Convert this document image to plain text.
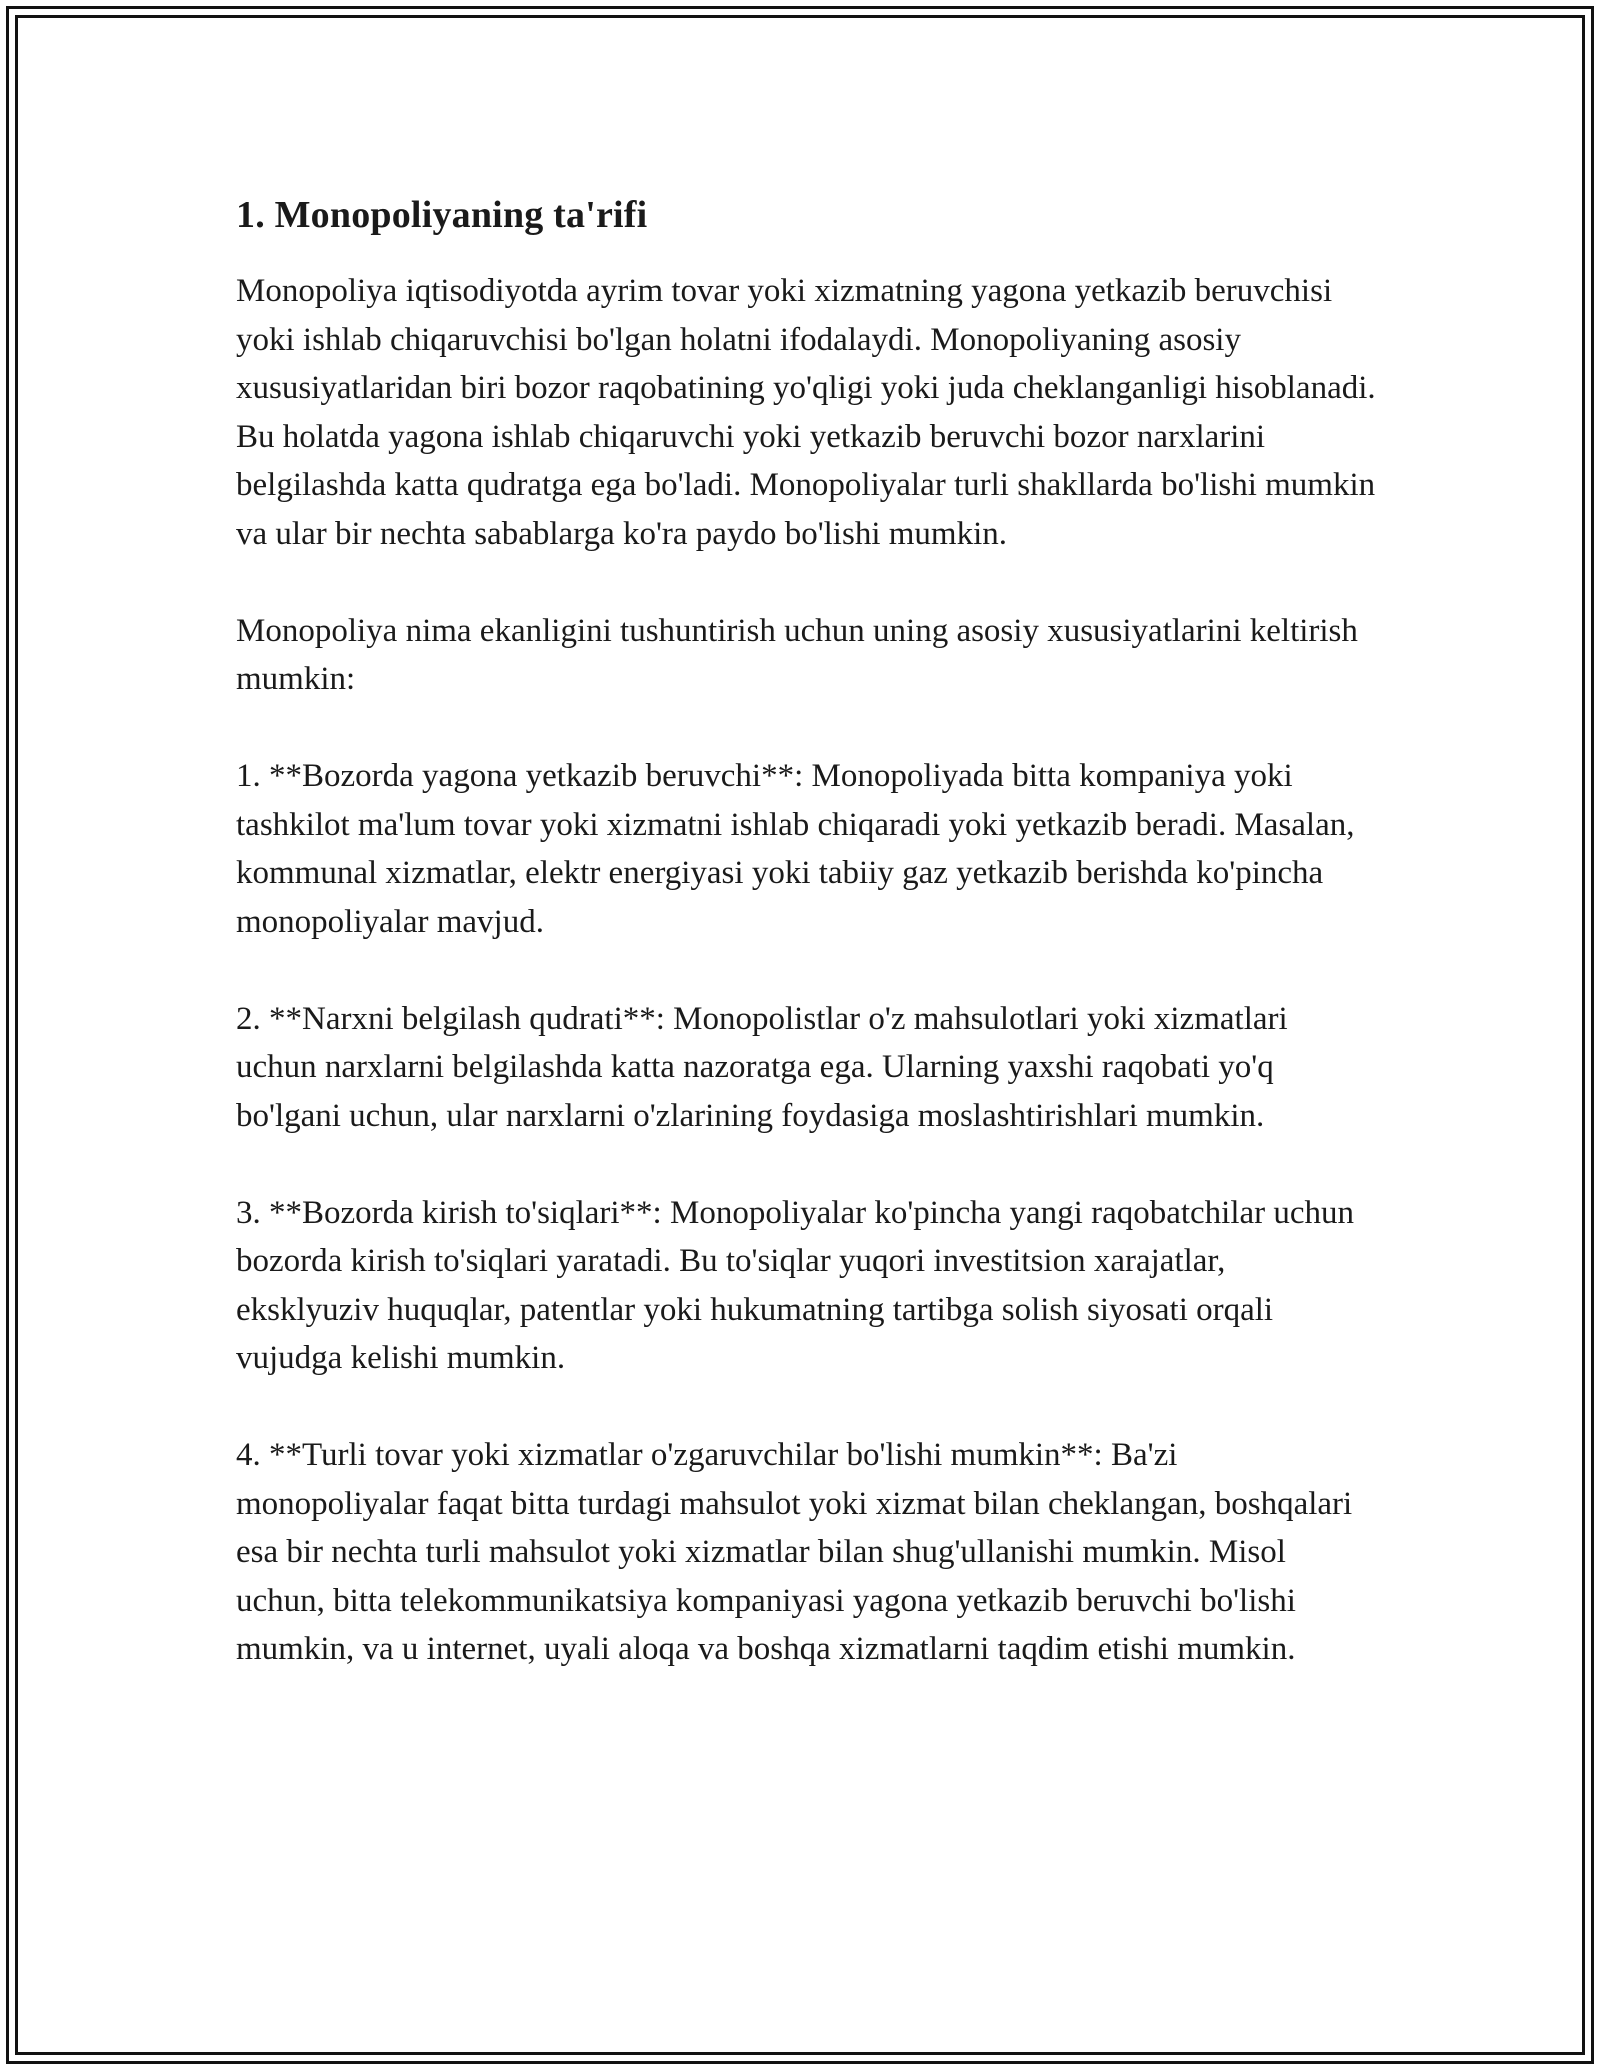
1. Monopoliyaning ta'rifi

Monopoliya iqtisodiyotda ayrim tovar yoki xizmatning yagona yetkazib beruvchisi yoki ishlab chiqaruvchisi bo'lgan holatni ifodalaydi. Monopoliyaning asosiy xususiyatlaridan biri bozor raqobatining yo'qligi yoki juda cheklanganligi hisoblanadi. Bu holatda yagona ishlab chiqaruvchi yoki yetkazib beruvchi bozor narxlarini belgilashda katta qudratga ega bo'ladi. Monopoliyalar turli shakllarda bo'lishi mumkin va ular bir nechta sabablarga ko'ra paydo bo'lishi mumkin.

Monopoliya nima ekanligini tushuntirish uchun uning asosiy xususiyatlarini keltirish mumkin:

1. **Bozorda yagona yetkazib beruvchi**: Monopoliyada bitta kompaniya yoki tashkilot ma'lum tovar yoki xizmatni ishlab chiqaradi yoki yetkazib beradi. Masalan, kommunal xizmatlar, elektr energiyasi yoki tabiiy gaz yetkazib berishda ko'pincha monopoliyalar mavjud.

2. **Narxni belgilash qudrati**: Monopolistlar o'z mahsulotlari yoki xizmatlari uchun narxlarni belgilashda katta nazoratga ega. Ularning yaxshi raqobati yo'q bo'lgani uchun, ular narxlarni o'zlarining foydasiga moslashtirishlari mumkin.

3. **Bozorda kirish to'siqlari**: Monopoliyalar ko'pincha yangi raqobatchilar uchun bozorda kirish to'siqlari yaratadi. Bu to'siqlar yuqori investitsion xarajatlar, eksklyuziv huquqlar, patentlar yoki hukumatning tartibga solish siyosati orqali vujudga kelishi mumkin.

4. **Turli tovar yoki xizmatlar o'zgaruvchilar bo'lishi mumkin**: Ba'zi monopoliyalar faqat bitta turdagi mahsulot yoki xizmat bilan cheklangan, boshqalari esa bir nechta turli mahsulot yoki xizmatlar bilan shug'ullanishi mumkin. Misol uchun, bitta telekommunikatsiya kompaniyasi yagona yetkazib beruvchi bo'lishi mumkin, va u internet, uyali aloqa va boshqa xizmatlarni taqdim etishi mumkin.
